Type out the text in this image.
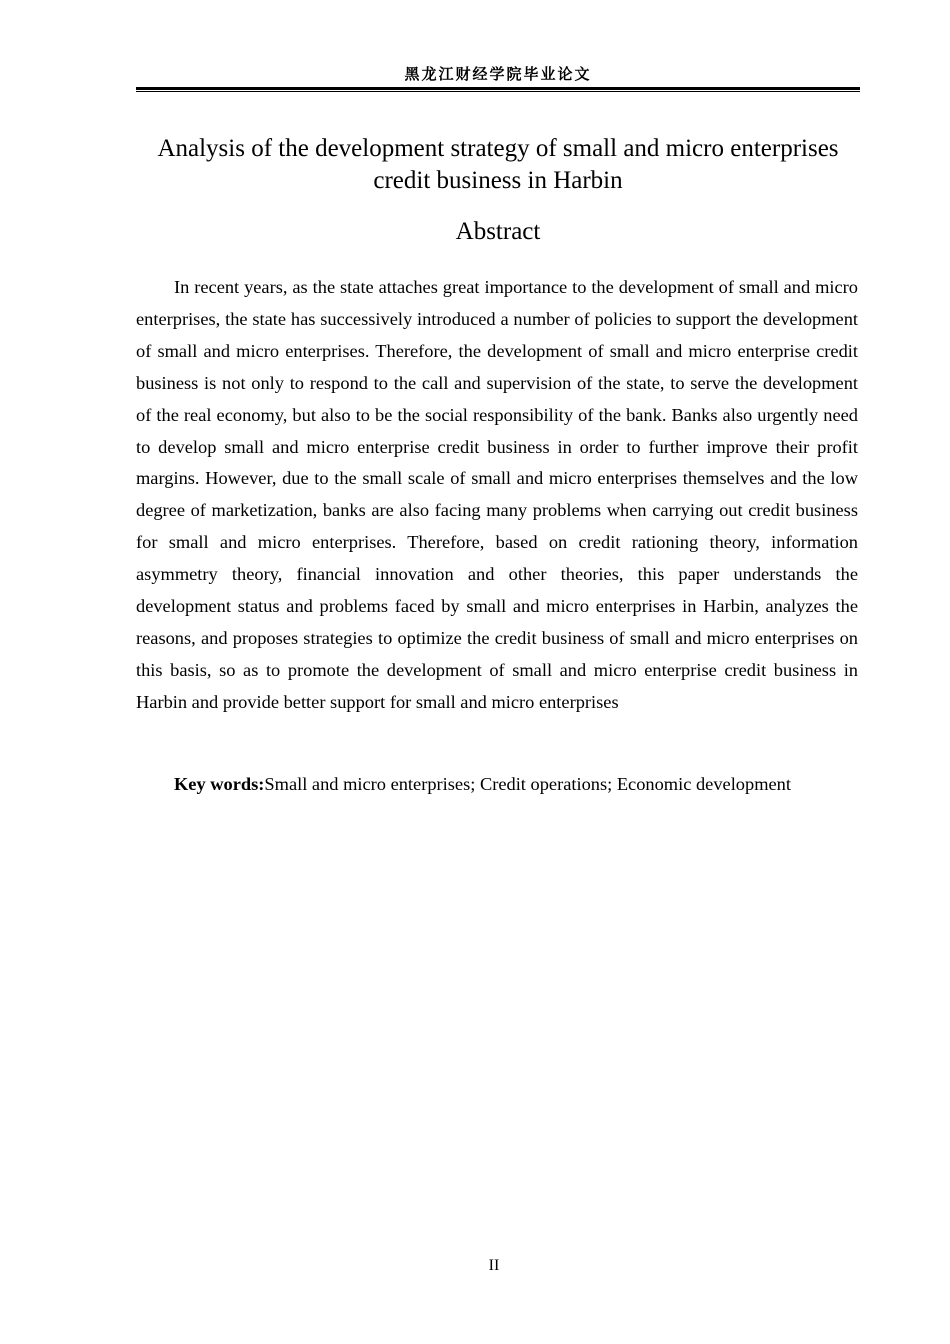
黑龙江财经学院毕业论文
Analysis of the development strategy of small and micro enterprises credit business in Harbin
Abstract

In recent years, as the state attaches great importance to the development of small and micro enterprises, the state has successively introduced a number of policies to support the development of small and micro enterprises. Therefore, the development of small and micro enterprise credit business is not only to respond to the call and supervision of the state, to serve the development of the real economy, but also to be the social responsibility of the bank. Banks also urgently need to develop small and micro enterprise credit business in order to further improve their profit margins. However, due to the small scale of small and micro enterprises themselves and the low degree of marketization, banks are also facing many problems when carrying out credit business for small and micro enterprises. Therefore, based on credit rationing theory, information asymmetry theory, financial innovation and other theories, this paper understands the development status and problems faced by small and micro enterprises in Harbin, analyzes the reasons, and proposes strategies to optimize the credit business of small and micro enterprises on this basis, so as to promote the development of small and micro enterprise credit business in Harbin and provide better support for small and micro enterprises

Key words:Small and micro enterprises; Credit operations; Economic development

II
